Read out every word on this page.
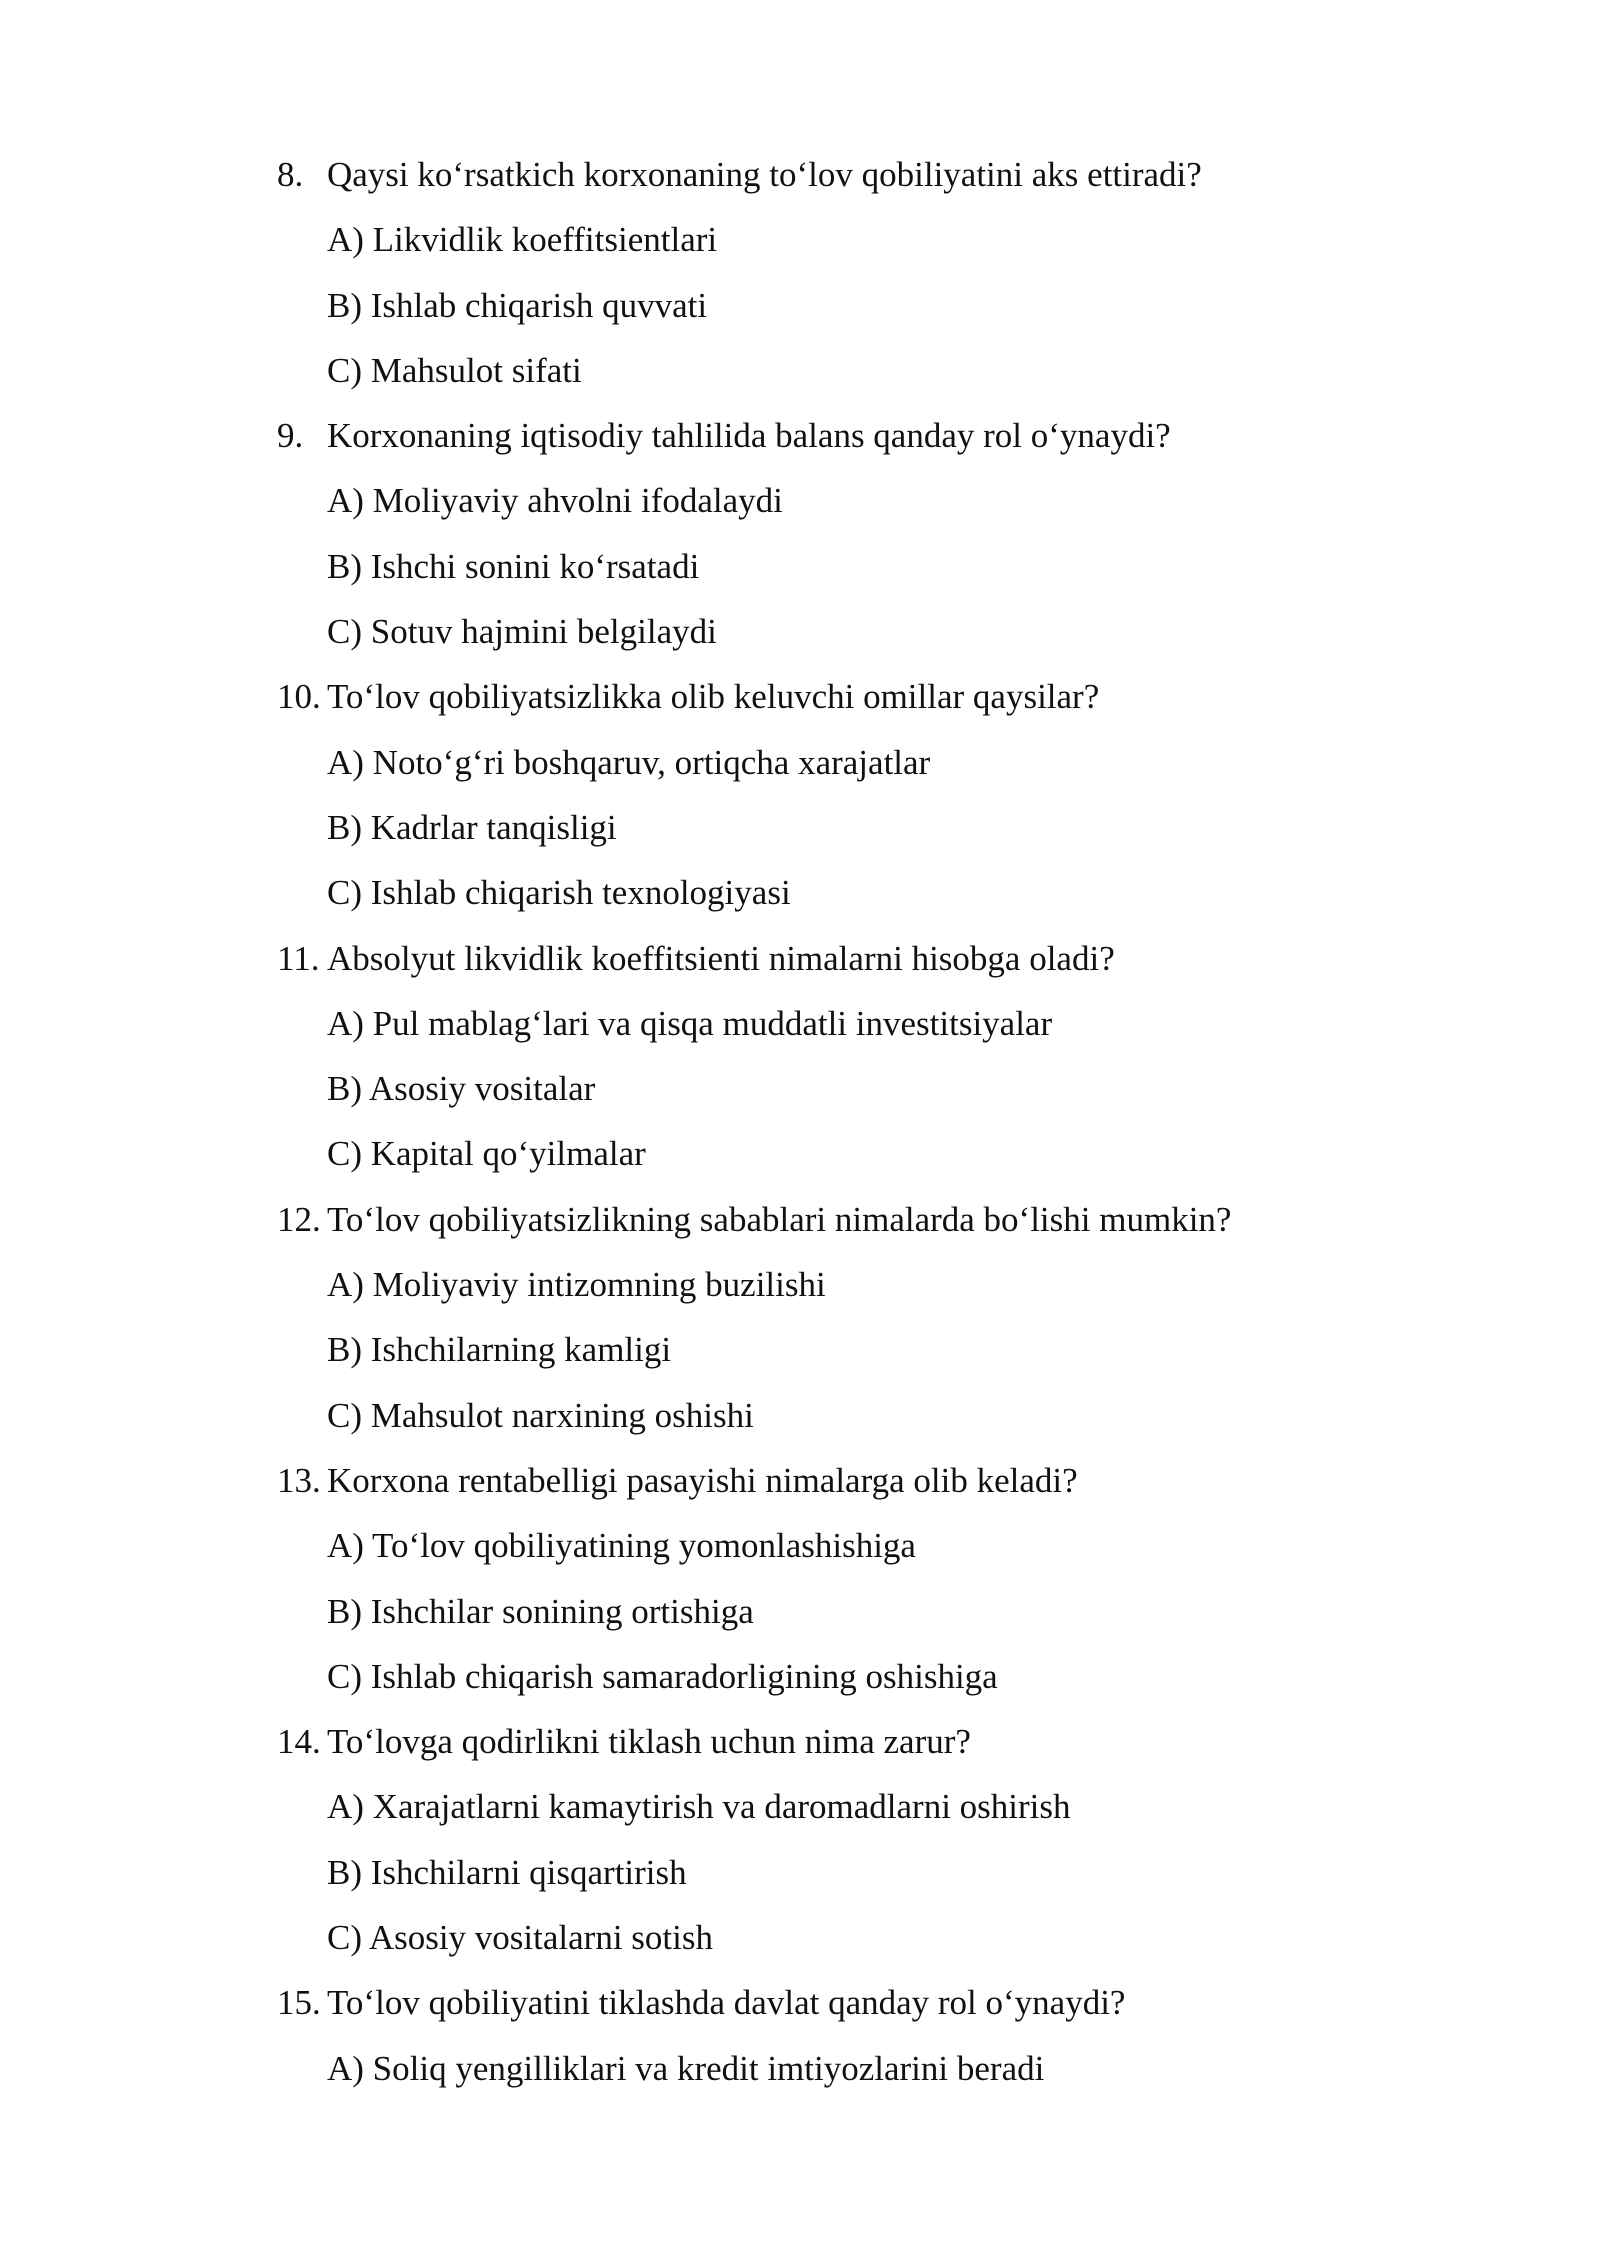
8. Qaysi ko‘rsatkich korxonaning to‘lov qobiliyatini aks ettiradi?
A) Likvidlik koeffitsientlari
B) Ishlab chiqarish quvvati
C) Mahsulot sifati
9. Korxonaning iqtisodiy tahlilida balans qanday rol o‘ynaydi?
A) Moliyaviy ahvolni ifodalaydi
B) Ishchi sonini ko‘rsatadi
C) Sotuv hajmini belgilaydi
10. To‘lov qobiliyatsizlikka olib keluvchi omillar qaysilar?
A) Noto‘g‘ri boshqaruv, ortiqcha xarajatlar
B) Kadrlar tanqisligi
C) Ishlab chiqarish texnologiyasi
11. Absolyut likvidlik koeffitsienti nimalarni hisobga oladi?
A) Pul mablag‘lari va qisqa muddatli investitsiyalar
B) Asosiy vositalar
C) Kapital qo‘yilmalar
12. To‘lov qobiliyatsizlikning sabablari nimalarda bo‘lishi mumkin?
A) Moliyaviy intizomning buzilishi
B) Ishchilarning kamligi
C) Mahsulot narxining oshishi
13. Korxona rentabelligi pasayishi nimalarga olib keladi?
A) To‘lov qobiliyatining yomonlashishiga
B) Ishchilar sonining ortishiga
C) Ishlab chiqarish samaradorligining oshishiga
14. To‘lovga qodirlikni tiklash uchun nima zarur?
A) Xarajatlarni kamaytirish va daromadlarni oshirish
B) Ishchilarni qisqartirish
C) Asosiy vositalarni sotish
15. To‘lov qobiliyatini tiklashda davlat qanday rol o‘ynaydi?
A) Soliq yengilliklari va kredit imtiyozlarini beradi
